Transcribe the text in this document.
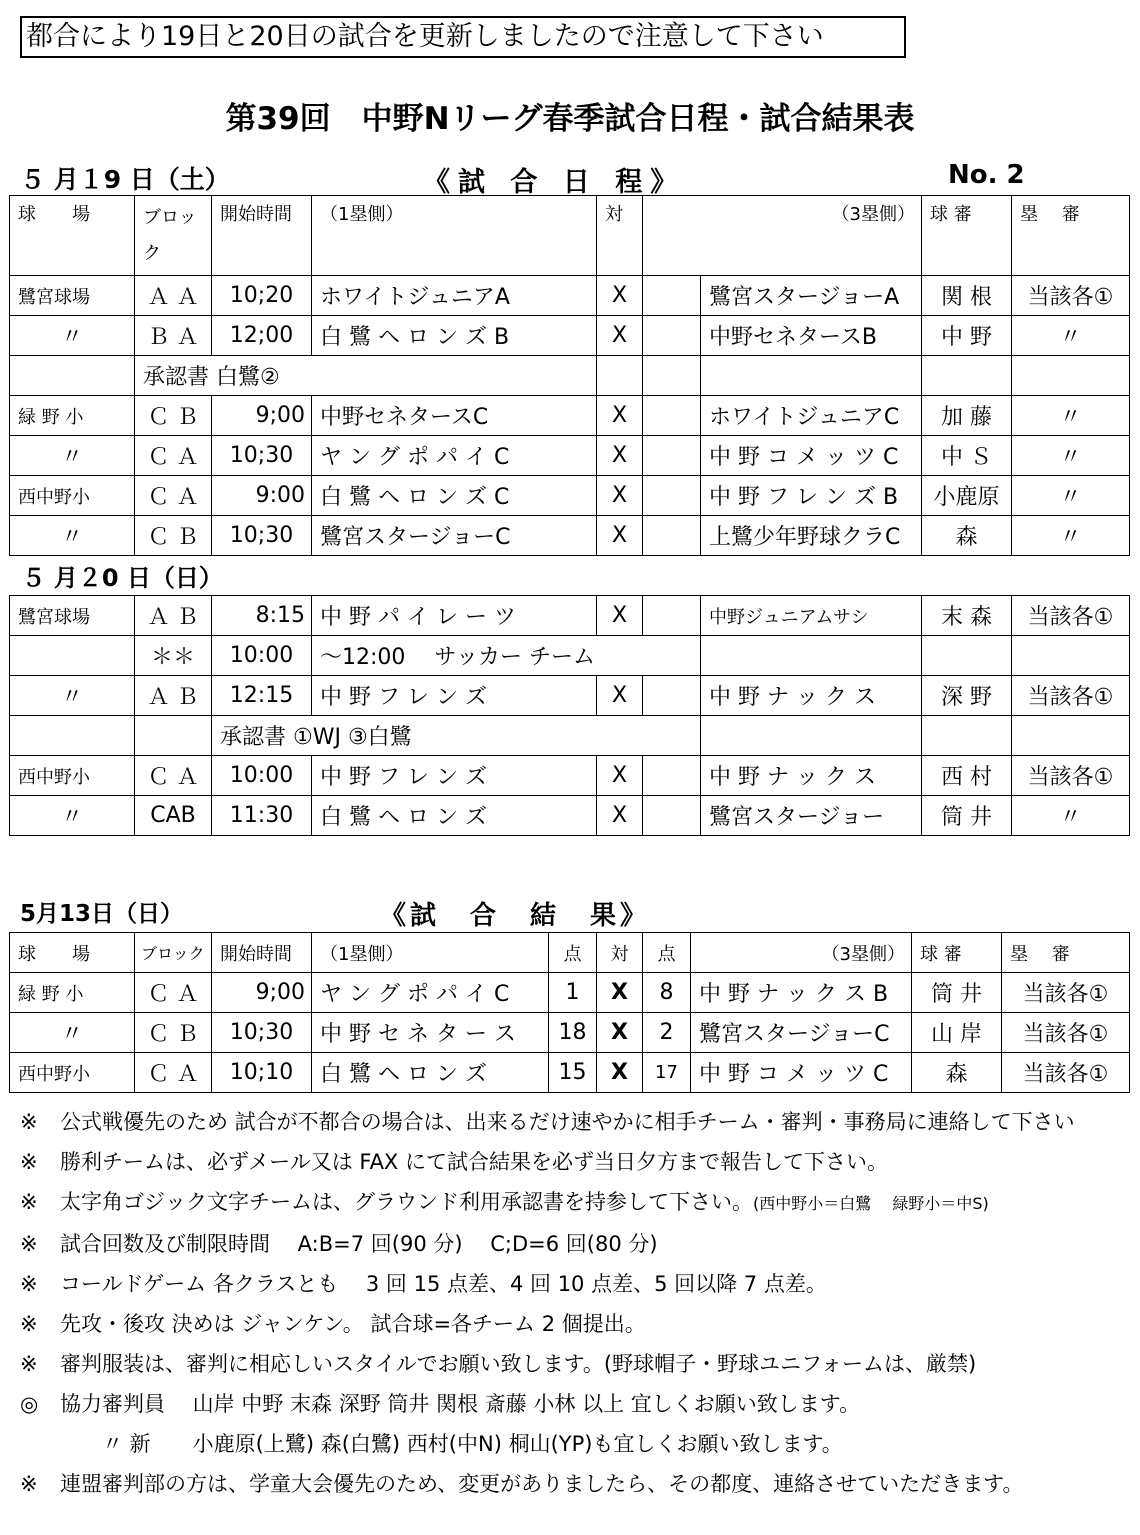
都合により19日と20日の試合を更新しましたので注意して下さい
第39回　中野Nリーグ春季試合日程・試合結果表
５ 月１9 日（土）	《試 合 日 程》	No. 2
球　　場	ブロック	開始時間	（1塁側）	対		（3塁側）	球 審	塁　 審
鷺宮球場	Ａ Ａ	10;20	ホワイトジュニアA	X		鷺宮スタージョーA	関 根	当該各①
〃	Ｂ Ａ	12;00	白 鷺 ヘ ロ ン ズ B	X		中野セネタースB	中 野	〃
	承認書 白鷺②							
緑 野 小	Ｃ Ｂ	9;00	中野セネタースC	X		ホワイトジュニアC	加 藤	〃
〃	Ｃ Ａ	10;30	ヤ ン グ ポ パ イ C	X		中 野 コ メ ッ ツ C	中 Ｓ	〃
西中野小	Ｃ Ａ	9:00	白 鷺 ヘ ロ ン ズ C	X		中 野 フ レ ン ズ B	小鹿原	〃
〃	Ｃ Ｂ	10;30	鷺宮スタージョーC	X		上鷺少年野球クラC	森	〃
５ 月２0 日（日）								
鷺宮球場	Ａ Ｂ	8:15	中 野 パ イ レ ー ツ	X		中野ジュニアムサシ	末 森	当該各①
	＊＊	10:00	～12:00　 サッカー チーム					
〃	Ａ Ｂ	12:15	中 野 フ レ ン ズ	X		中 野 ナ ッ ク ス	深 野	当該各①
		承認書 ①WJ ③白鷺						
西中野小	Ｃ Ａ	10:00	中 野 フ レ ン ズ	X		中 野 ナ ッ ク ス	西 村	当該各①
〃	CAB	11:30	白 鷺 ヘ ロ ン ズ	X		鷺宮スタージョー	筒 井	〃
5月13日（日）	《試　合　結　果》
球　　場	ブロック	開始時間	（1塁側）	点	対	点	（3塁側）	球 審	塁　 審
緑 野 小	Ｃ Ａ	9;00	ヤ ン グ ポ パ イ C	1	X	8	中 野 ナ ッ ク ス B	筒 井	当該各①
〃	Ｃ Ｂ	10;30	中 野 セ ネ タ ー ス	18	X	2	鷺宮スタージョーC	山 岸	当該各①
西中野小	Ｃ Ａ	10;10	白 鷺 ヘ ロ ン ズ	15	X	17	中 野 コ メ ッ ツ C	森	当該各①
※	公式戦優先のため 試合が不都合の場合は、出来るだけ速やかに相手チーム・審判・事務局に連絡して下さい
※	勝利チームは、必ずメール又は FAX にて試合結果を必ず当日夕方まで報告して下さい。
※	太字角ゴジック文字チームは、グラウンド利用承認書を持参して下さい。(西中野小＝白鷺　 緑野小＝中S)
※	試合回数及び制限時間　 A:B=7 回(90 分)　 C;D=6 回(80 分)
※	コールドゲーム 各クラスとも　 3 回 15 点差、4 回 10 点差、5 回以降 7 点差。
※	先攻・後攻 決めは ジャンケン。 試合球=各チーム 2 個提出。
※	審判服装は、審判に相応しいスタイルでお願い致します。(野球帽子・野球ユニフォームは、厳禁)
◎	協力審判員　 山岸 中野 末森 深野 筒井 関根 斎藤 小林 以上 宜しくお願い致します。
　　〃 新　　小鹿原(上鷺) 森(白鷺) 西村(中N) 桐山(YP)も宜しくお願い致します。
※	連盟審判部の方は、学童大会優先のため、変更がありましたら、その都度、連絡させていただきます。
